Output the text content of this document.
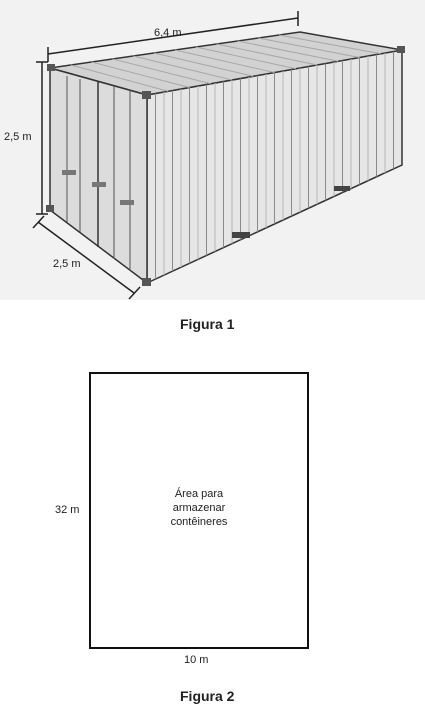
6,4 m
2,5 m
2,5 m
Figura 1
Área para
armazenar
contêineres
32 m
10 m
Figura 2
